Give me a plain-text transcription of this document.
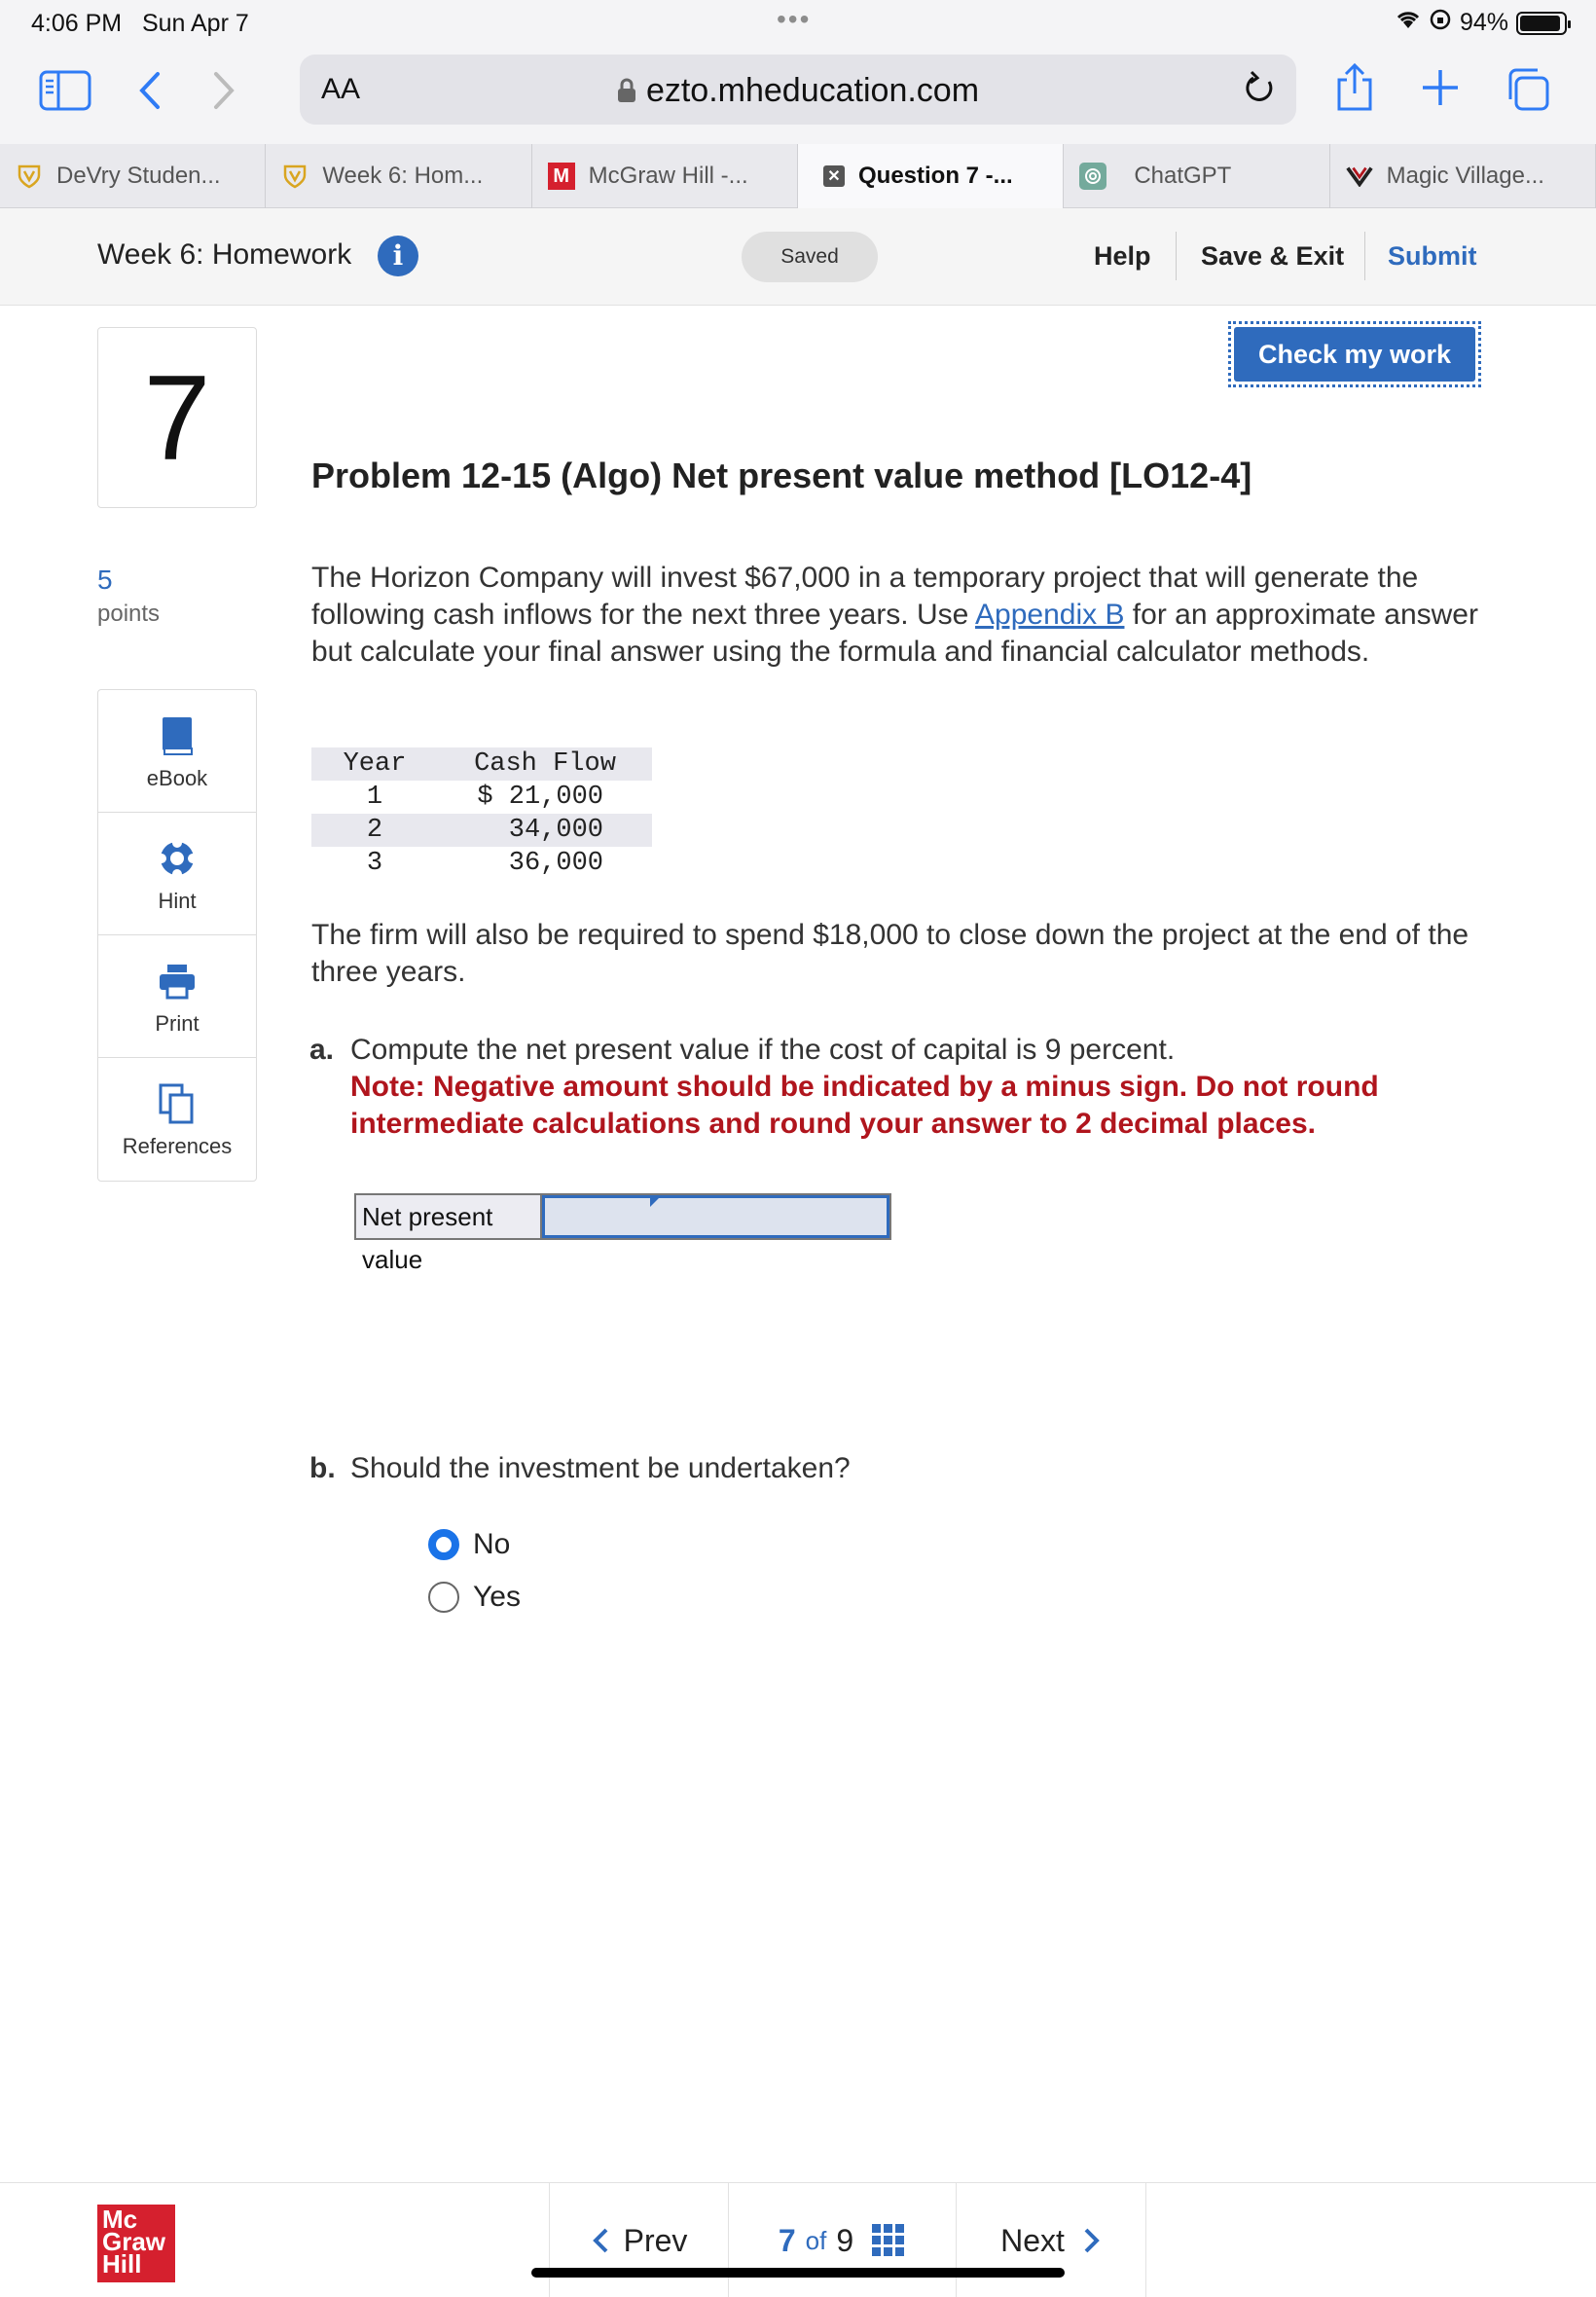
4:06 PM Sun Apr 7	•••	94%
AA	ezto.mheducation.com
DeVry Studen...	Week 6: Hom...	M McGraw Hill -...	✕ Question 7 -...	ChatGPT	Magic Village...
Week 6: Homework	i	Saved	Help Save & Exit Submit
7
5
points
eBook
Hint
Print
References
Check my work
Problem 12-15 (Algo) Net present value method [LO12-4]
The Horizon Company will invest $67,000 in a temporary project that will generate the following cash inflows for the next three years. Use Appendix B for an approximate answer but calculate your final answer using the formula and financial calculator methods.
Year	Cash Flow
1	$ 21,000
2	34,000
3	36,000
The firm will also be required to spend $18,000 to close down the project at the end of the three years.
a. Compute the net present value if the cost of capital is 9 percent.
Note: Negative amount should be indicated by a minus sign. Do not round intermediate calculations and round your answer to 2 decimal places.
Net present value
b. Should the investment be undertaken?
No
Yes
Mc
Graw
Hill
Prev	7 of 9	Next
